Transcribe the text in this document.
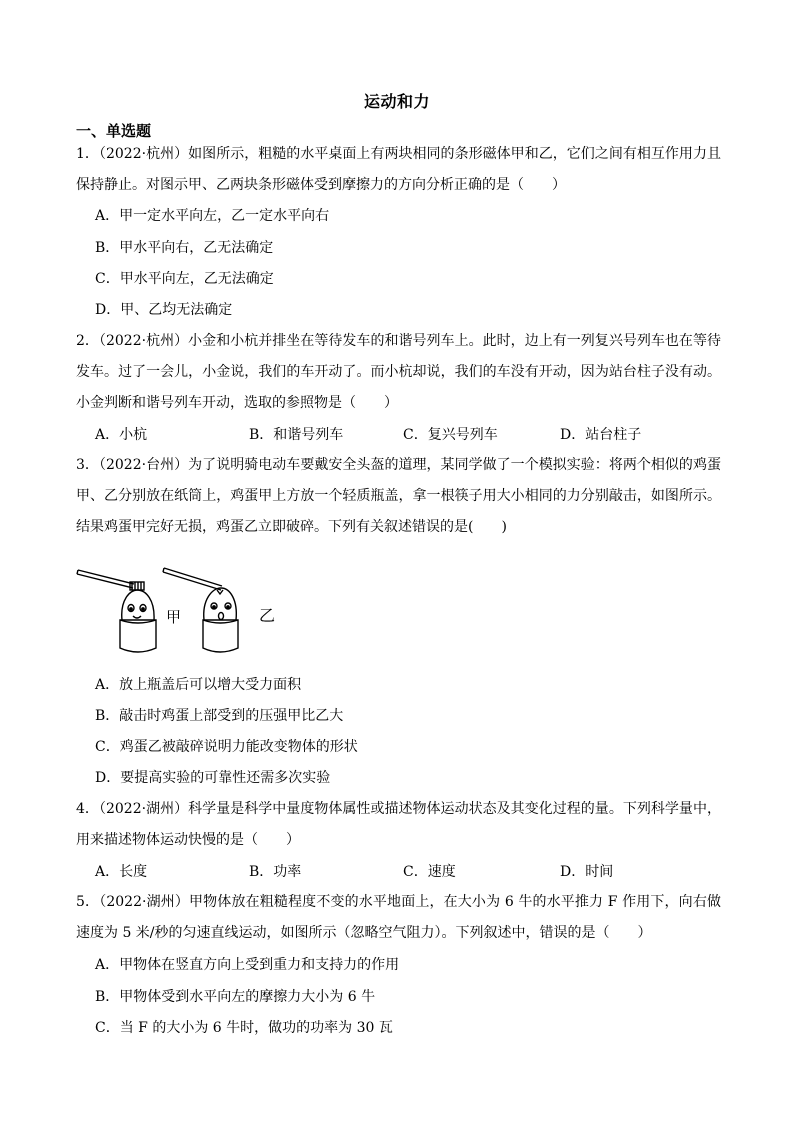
运动和力
一、单选题
1．（2022·杭州）如图所示，粗糙的水平桌面上有两块相同的条形磁体甲和乙，它们之间有相互作用力且保持静止。对图示甲、乙两块条形磁体受到摩擦力的方向分析正确的是（　　）
A．甲一定水平向左，乙一定水平向右
B．甲水平向右，乙无法确定
C．甲水平向左，乙无法确定
D．甲、乙均无法确定
2．（2022·杭州）小金和小杭并排坐在等待发车的和谐号列车上。此时，边上有一列复兴号列车也在等待发车。过了一会儿，小金说，我们的车开动了。而小杭却说，我们的车没有开动，因为站台柱子没有动。小金判断和谐号列车开动，选取的参照物是（　　）
A．小杭	B．和谐号列车	C．复兴号列车	D．站台柱子
3．（2022·台州）为了说明骑电动车要戴安全头盔的道理，某同学做了一个模拟实验：将两个相似的鸡蛋甲、乙分别放在纸筒上，鸡蛋甲上方放一个轻质瓶盖，拿一根筷子用大小相同的力分别敲击，如图所示。结果鸡蛋甲完好无损，鸡蛋乙立即破碎。下列有关叙述错误的是(　　)
甲	乙
A．放上瓶盖后可以增大受力面积
B．敲击时鸡蛋上部受到的压强甲比乙大
C．鸡蛋乙被敲碎说明力能改变物体的形状
D．要提高实验的可靠性还需多次实验
4．（2022·湖州）科学量是科学中量度物体属性或描述物体运动状态及其变化过程的量。下列科学量中，用来描述物体运动快慢的是（　　）
A．长度	B．功率	C．速度	D．时间
5．（2022·湖州）甲物体放在粗糙程度不变的水平地面上，在大小为 6 牛的水平推力 F 作用下，向右做速度为 5 米/秒的匀速直线运动，如图所示（忽略空气阻力）。下列叙述中，错误的是（　　）
A．甲物体在竖直方向上受到重力和支持力的作用
B．甲物体受到水平向左的摩擦力大小为 6 牛
C．当 F 的大小为 6 牛时，做功的功率为 30 瓦
